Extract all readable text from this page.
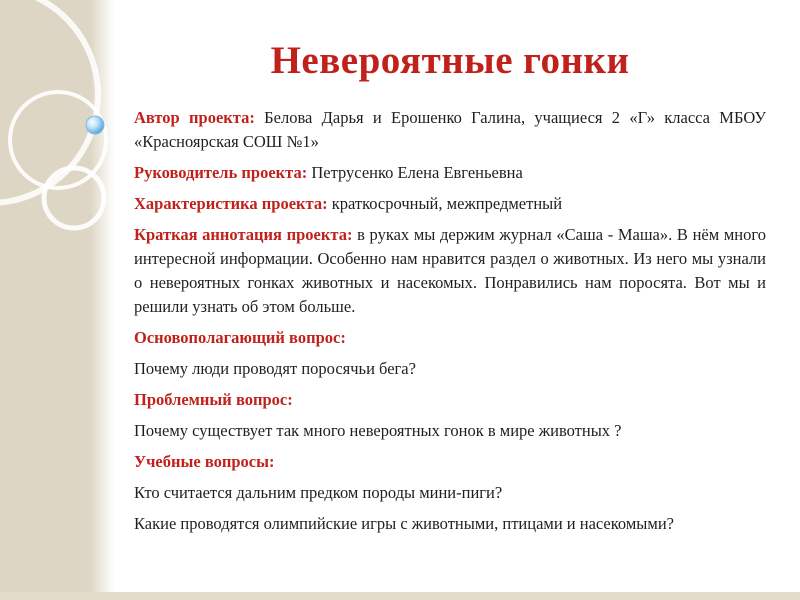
Невероятные гонки

Автор проекта: Белова Дарья и Ерошенко Галина, учащиеся 2 «Г» класса МБОУ «Красноярская СОШ №1»

Руководитель проекта: Петрусенко Елена Евгеньевна

Характеристика проекта: краткосрочный, межпредметный

Краткая аннотация проекта: в руках мы держим журнал «Саша - Маша». В нём много интересной информации. Особенно нам нравится раздел о животных. Из него мы узнали о невероятных гонках животных и насекомых. Понравились нам поросята. Вот мы и решили узнать об этом больше.

Основополагающий вопрос:

Почему люди проводят поросячьи бега?

Проблемный вопрос:

Почему существует так много невероятных гонок в мире животных ?

Учебные вопросы:

Кто считается дальним предком породы мини-пиги?

Какие проводятся олимпийские игры с животными, птицами и насекомыми?
